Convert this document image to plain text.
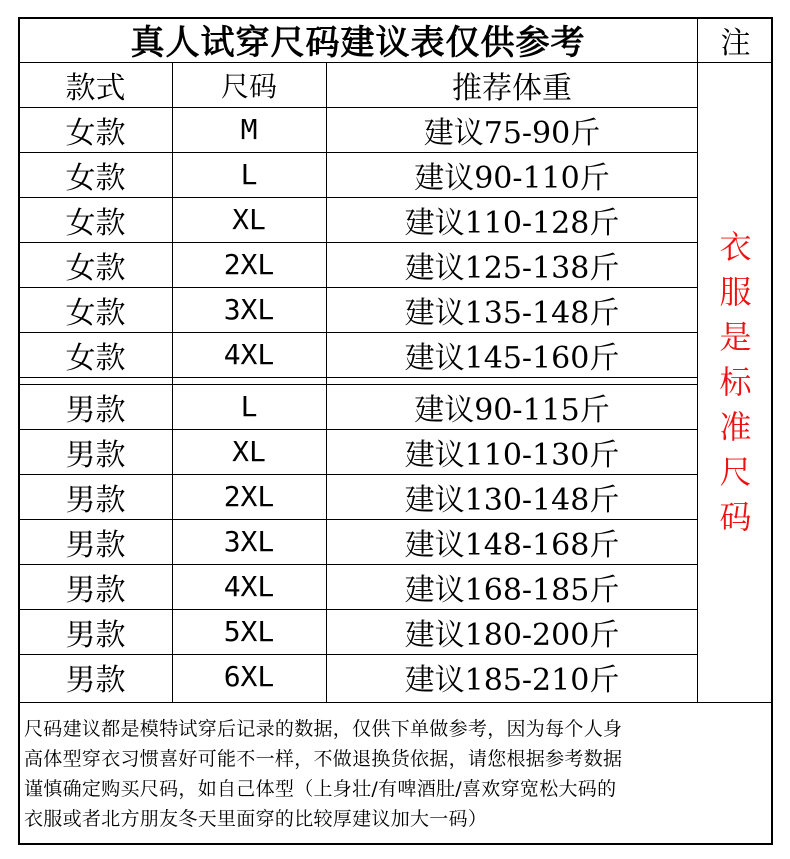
真人试穿尺码建议表仅供参考	注
衣
服
是
标
准
尺
码
款式	尺码	推荐体重
女款	M	建议75-90斤
女款	L	建议90-110斤
女款	XL	建议110-128斤
女款	2XL	建议125-138斤
女款	3XL	建议135-148斤
女款	4XL	建议145-160斤
男款	L	建议90-115斤
男款	XL	建议110-130斤
男款	2XL	建议130-148斤
男款	3XL	建议148-168斤
男款	4XL	建议168-185斤
男款	5XL	建议180-200斤
男款	6XL	建议185-210斤
尺码建议都是模特试穿后记录的数据，仅供下单做参考，因为每个人身
高体型穿衣习惯喜好可能不一样，不做退换货依据，请您根据参考数据
谨慎确定购买尺码，如自己体型（上身壮/有啤酒肚/喜欢穿宽松大码的
衣服或者北方朋友冬天里面穿的比较厚建议加大一码）
